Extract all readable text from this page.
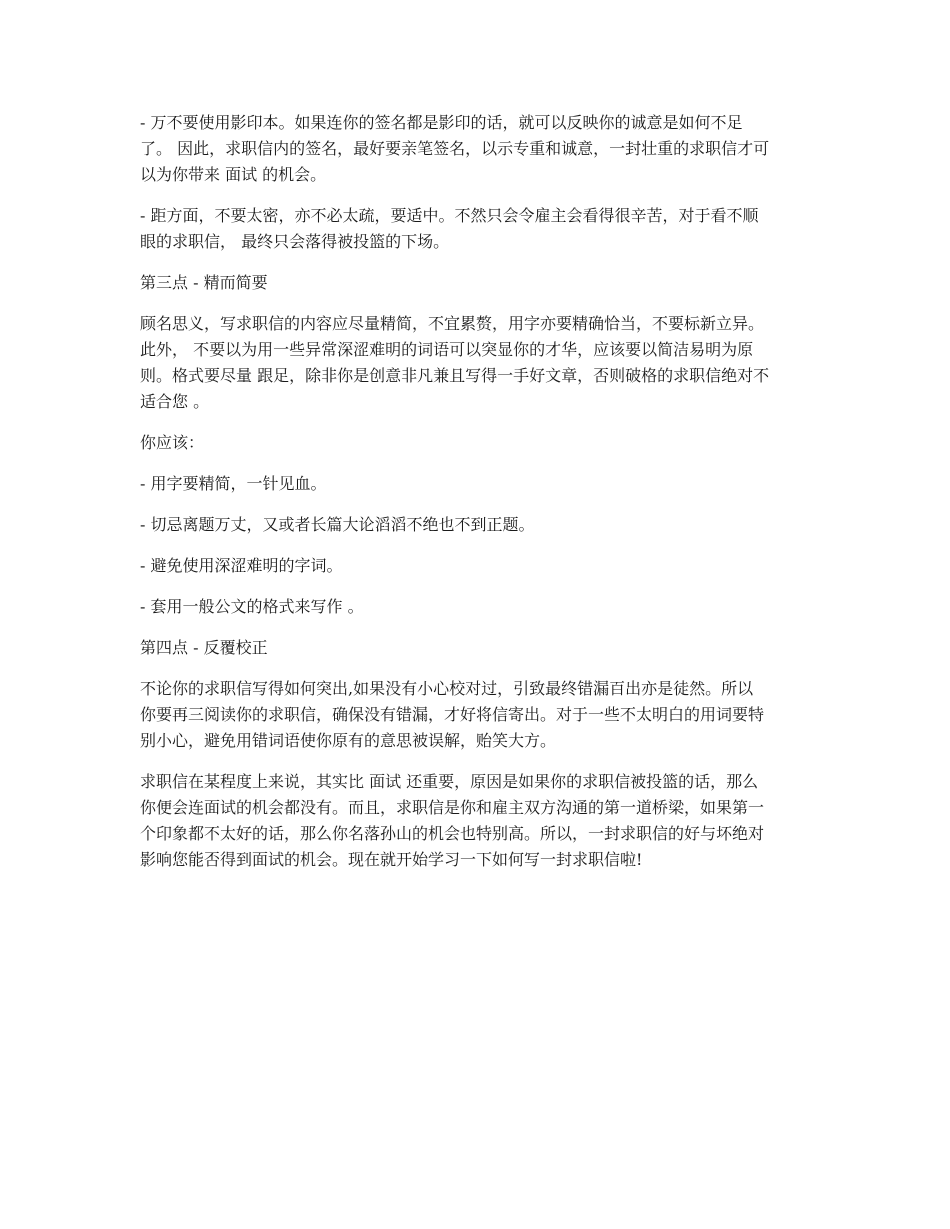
- 万不要使用影印本。如果连你的签名都是影印的话，就可以反映你的诚意是如何不足
了。 因此，求职信内的签名，最好要亲笔签名，以示专重和诚意，一封壮重的求职信才可
以为你带来 面试 的机会。

- 距方面，不要太密，亦不必太疏，要适中。不然只会令雇主会看得很辛苦，对于看不顺
眼的求职信， 最终只会落得被投篮的下场。

第三点 - 精而简要

顾名思义，写求职信的内容应尽量精简，不宜累赘，用字亦要精确恰当，不要标新立异。
此外， 不要以为用一些异常深涩难明的词语可以突显你的才华，应该要以简洁易明为原
则。格式要尽量 跟足，除非你是创意非凡兼且写得一手好文章，否则破格的求职信绝对不
适合您 。

你应该：

- 用字要精简，一针见血。

- 切忌离题万丈，又或者长篇大论滔滔不绝也不到正题。

- 避免使用深涩难明的字词。

- 套用一般公文的格式来写作 。

第四点 - 反覆校正

不论你的求职信写得如何突出,如果没有小心校对过，引致最终错漏百出亦是徒然。所以
你要再三阅读你的求职信，确保没有错漏，才好将信寄出。对于一些不太明白的用词要特
别小心，避免用错词语使你原有的意思被误解，贻笑大方。

求职信在某程度上来说，其实比 面试 还重要，原因是如果你的求职信被投篮的话，那么
你便会连面试的机会都没有。而且，求职信是你和雇主双方沟通的第一道桥梁，如果第一
个印象都不太好的话，那么你名落孙山的机会也特别高。所以，一封求职信的好与坏绝对
影响您能否得到面试的机会。现在就开始学习一下如何写一封求职信啦!
